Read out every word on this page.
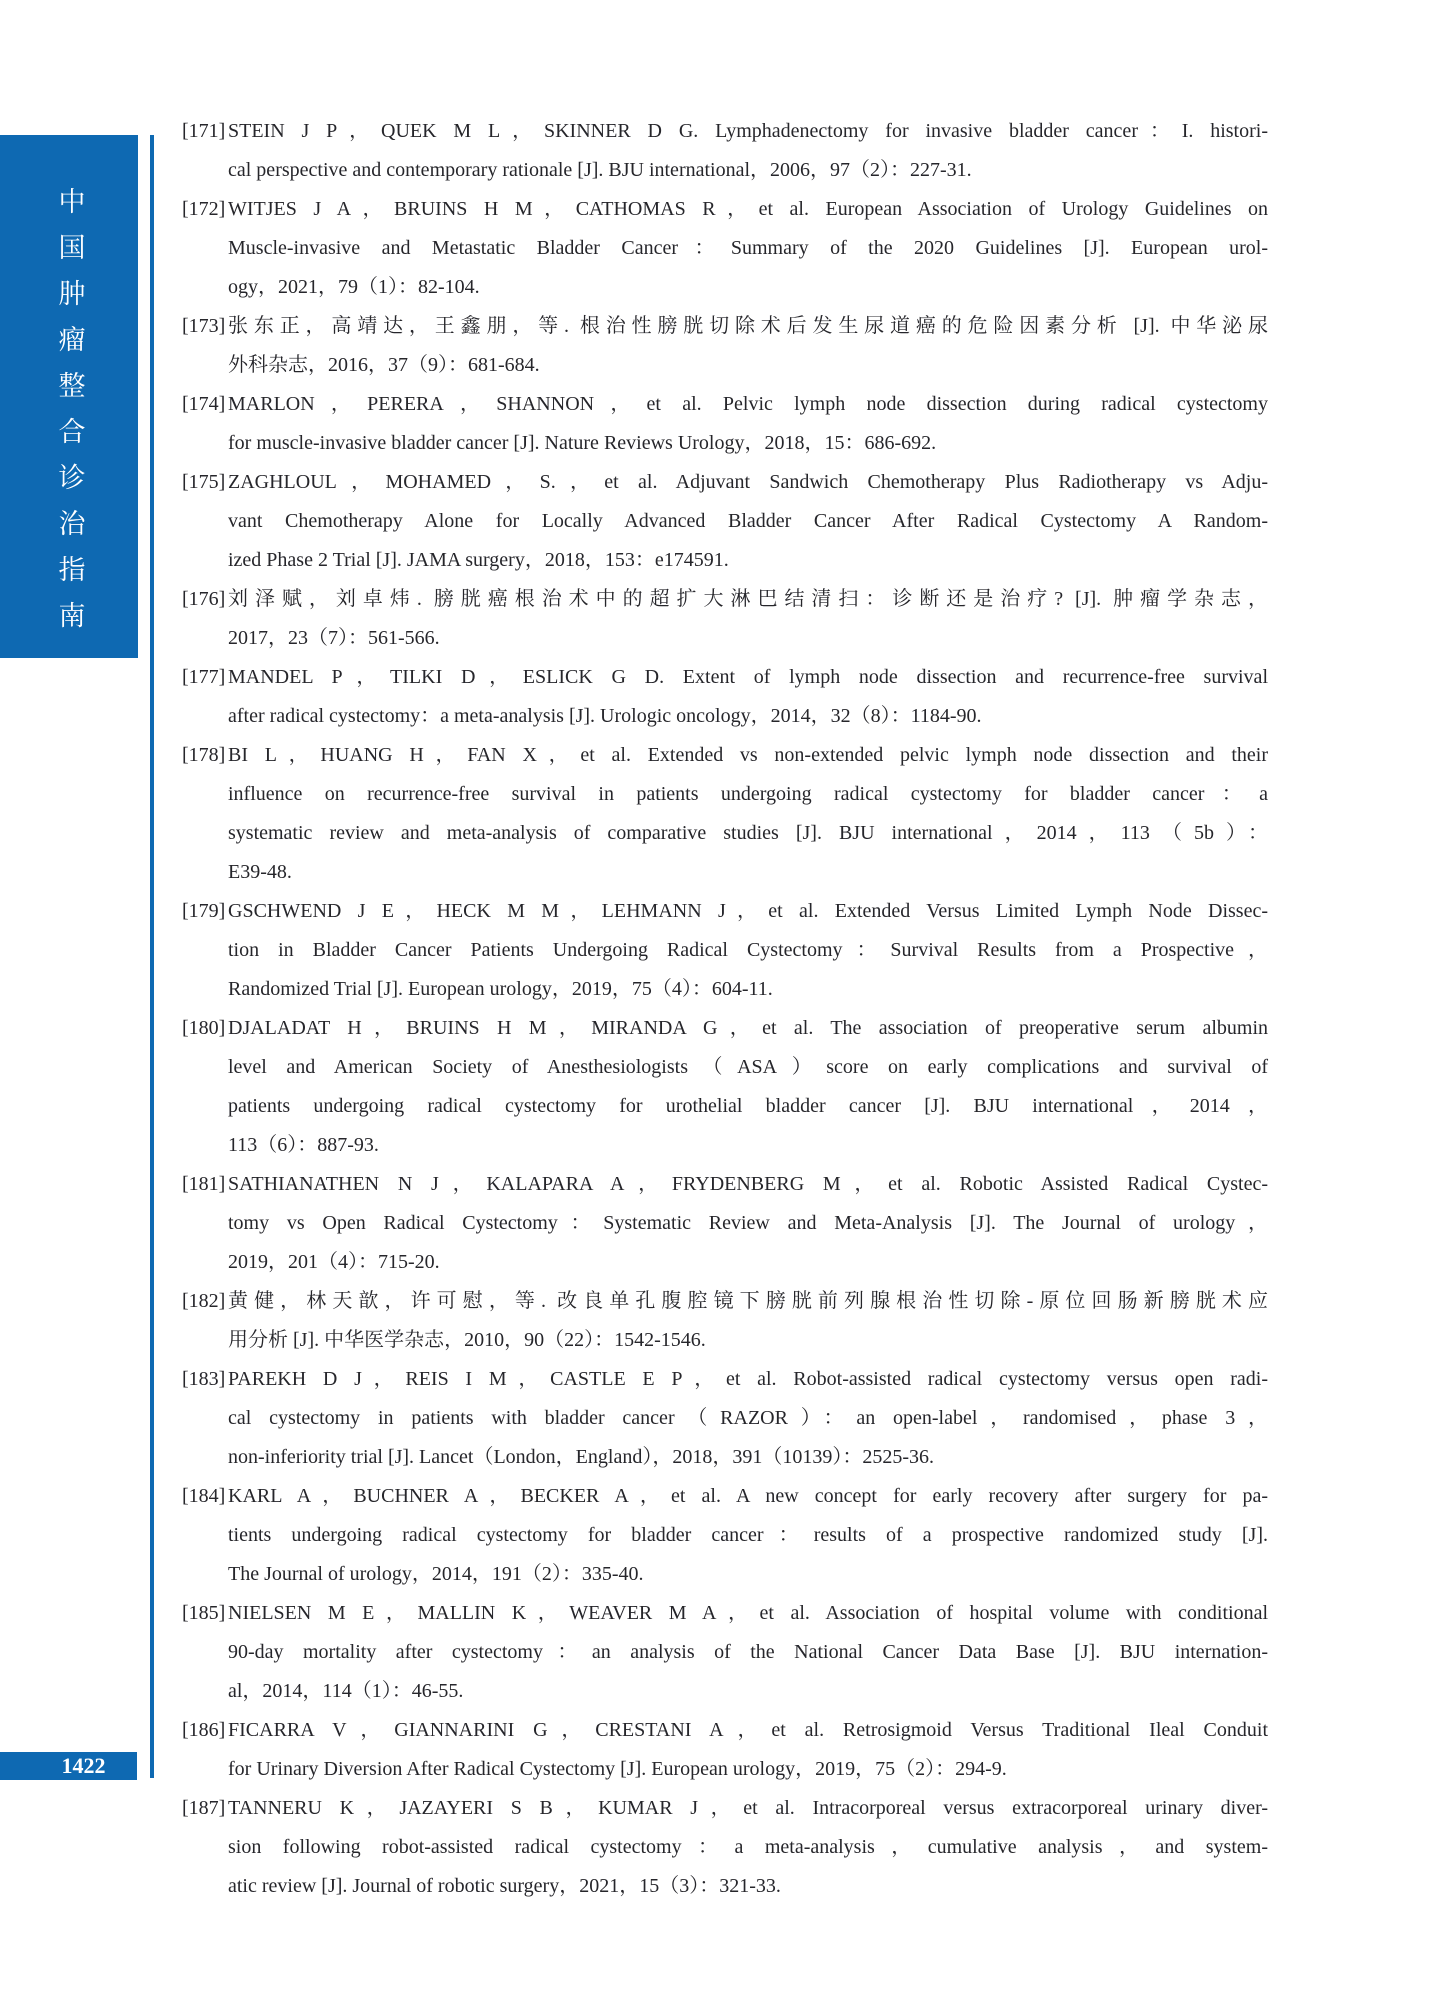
中国肿瘤整合诊治指南
[171] STEIN J P，QUEK M L，SKINNER D G. Lymphadenectomy for invasive bladder cancer：I. histori-
cal perspective and contemporary rationale [J]. BJU international，2006，97（2）：227-31.
[172] WITJES J A，BRUINS H M，CATHOMAS R，et al. European Association of Urology Guidelines on
Muscle-invasive and Metastatic Bladder Cancer：Summary of the 2020 Guidelines [J]. European urol-
ogy，2021，79（1）：82-104.
[173] 张东正，高靖达，王鑫朋，等. 根治性膀胱切除术后发生尿道癌的危险因素分析 [J]. 中华泌尿
外科杂志，2016，37（9）：681-684.
[174] MARLON，PERERA，SHANNON，et al. Pelvic lymph node dissection during radical cystectomy
for muscle-invasive bladder cancer [J]. Nature Reviews Urology，2018，15：686-692.
[175] ZAGHLOUL，MOHAMED，S.，et al. Adjuvant Sandwich Chemotherapy Plus Radiotherapy vs Adju-
vant Chemotherapy Alone for Locally Advanced Bladder Cancer After Radical Cystectomy A Random-
ized Phase 2 Trial [J]. JAMA surgery，2018，153：e174591.
[176] 刘泽赋，刘卓炜. 膀胱癌根治术中的超扩大淋巴结清扫：诊断还是治疗? [J]. 肿瘤学杂志，
2017，23（7）：561-566.
[177] MANDEL P，TILKI D，ESLICK G D. Extent of lymph node dissection and recurrence-free survival
after radical cystectomy：a meta-analysis [J]. Urologic oncology，2014，32（8）：1184-90.
[178] BI L，HUANG H，FAN X，et al. Extended vs non-extended pelvic lymph node dissection and their
influence on recurrence-free survival in patients undergoing radical cystectomy for bladder cancer：a
systematic review and meta-analysis of comparative studies [J]. BJU international，2014，113（5b）：
E39-48.
[179] GSCHWEND J E，HECK M M，LEHMANN J，et al. Extended Versus Limited Lymph Node Dissec-
tion in Bladder Cancer Patients Undergoing Radical Cystectomy：Survival Results from a Prospective，
Randomized Trial [J]. European urology，2019，75（4）：604-11.
[180] DJALADAT H，BRUINS H M，MIRANDA G，et al. The association of preoperative serum albumin
level and American Society of Anesthesiologists（ASA）score on early complications and survival of
patients undergoing radical cystectomy for urothelial bladder cancer [J]. BJU international，2014，
113（6）：887-93.
[181] SATHIANATHEN N J，KALAPARA A，FRYDENBERG M，et al. Robotic Assisted Radical Cystec-
tomy vs Open Radical Cystectomy：Systematic Review and Meta-Analysis [J]. The Journal of urology，
2019，201（4）：715-20.
[182] 黄健，林天歆，许可慰，等. 改良单孔腹腔镜下膀胱前列腺根治性切除-原位回肠新膀胱术应
用分析 [J]. 中华医学杂志，2010，90（22）：1542-1546.
[183] PAREKH D J，REIS I M，CASTLE E P，et al. Robot-assisted radical cystectomy versus open radi-
cal cystectomy in patients with bladder cancer（RAZOR）：an open-label，randomised，phase 3，
non-inferiority trial [J]. Lancet（London，England），2018，391（10139）：2525-36.
[184] KARL A，BUCHNER A，BECKER A，et al. A new concept for early recovery after surgery for pa-
tients undergoing radical cystectomy for bladder cancer：results of a prospective randomized study [J].
The Journal of urology，2014，191（2）：335-40.
[185] NIELSEN M E，MALLIN K，WEAVER M A，et al. Association of hospital volume with conditional
90-day mortality after cystectomy：an analysis of the National Cancer Data Base [J]. BJU internation-
al，2014，114（1）：46-55.
[186] FICARRA V，GIANNARINI G，CRESTANI A，et al. Retrosigmoid Versus Traditional Ileal Conduit
for Urinary Diversion After Radical Cystectomy [J]. European urology，2019，75（2）：294-9.
[187] TANNERU K，JAZAYERI S B，KUMAR J，et al. Intracorporeal versus extracorporeal urinary diver-
sion following robot-assisted radical cystectomy：a meta-analysis，cumulative analysis，and system-
atic review [J]. Journal of robotic surgery，2021，15（3）：321-33.
1422
